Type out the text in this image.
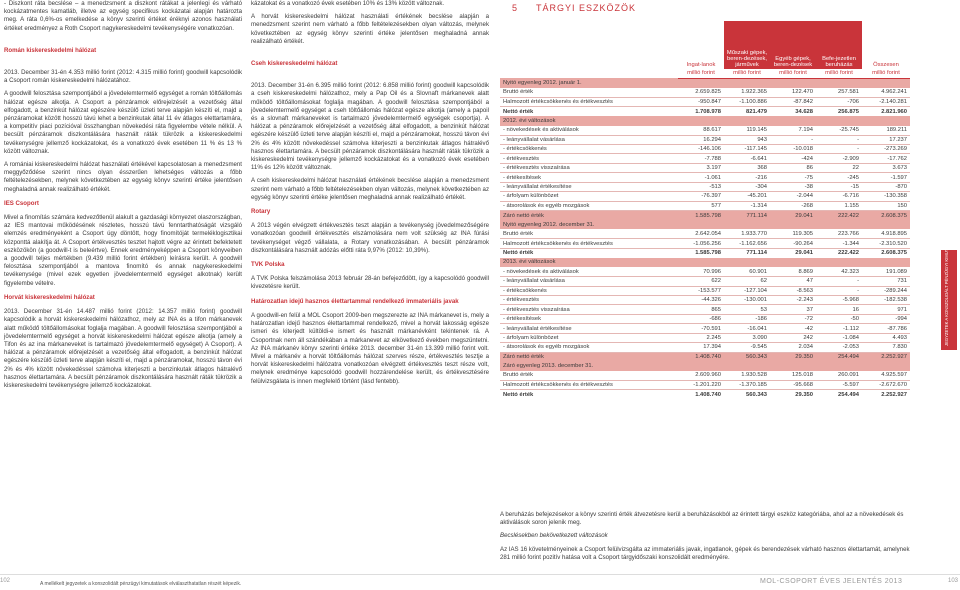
- Diszkont ráta becslése – a menedzsment a diszkont rátákat a jelenlegi és várható kockázatmentes kamatláb, illetve az egység specifikus kockázatai alapján határozta meg. A ráta 0,6%-os emelkedése a könyv szerinti értéket éréknyi azonos használati értéket eredményez a Roth Csoport nagykereskedelmi tevékenységére vonatkozóan.

Román kiskereskedelmi hálózat

2013. December 31-én 4.353 millió forint (2012: 4.315 millió forint) goodwill kapcsolódik a Csoport román kiskereskedelmi hálózatához.

A goodwill felosztása szempontjából a jövedelemtermelő egységet a román töltőállomás hálózat egésze alkotja. A Csoport a pénzáramok előrejelzését a vezetőség által elfogadott, a benzinkút hálózat egészére készülő üzleti terve alapján készíti el, majd a pénzáramokat között hosszú távú lehet a benzinkutak által 11 év átlagos elettartamára, a kompetitív piaci pozícióval összhangban növekedési ráta figyelembe vétele nélkül. A becsült pénzáramok diszkontálására használt ráták tükrözik a kiskereskedelmi tevékenységre jellemző kockázatokat, és a vonatkozó évek esetében 11 % és 13 % között változnak.

A romániai kiskereskedelmi hálózat használati értékével kapcsolatosan a menedzsment meggyőződése szerint nincs olyan ésszerűen lehetséges változás a főbb feltételezésekben, melynek következtében az egység könyv szerinti értéke jelentősen meghaladná annak realizálható értékét.

IES Csoport

Mivel a finomítás számára kedvezőtlenül alakult a gazdasági környezet olaszországban, az IES mantovai működésének részletes, hosszú távú fenntarthatóságát vizsgáló elemzés eredményeként a Csoport úgy döntött, hogy finomítóját termeléklogisztikai központtá alakítja át. A Csoport értékvesztés tesztet hajtott végre az érintett befektetett eszközökön (a goodwill-t is beleértve). Ennek eredményeképpen a Csoport könyveiben a goodwill teljes mértékben (9.439 millió forint értékben) leírásra került. A goodwill felosztása szempontjából a mantova finomító és annak nagykereskedelmi tevékenysége (mivel ezek egyetlen jövedelemtermelő egységet alkotnak) került figyelembe vételre.

Horvát kiskereskedelmi hálózat

2013. December 31-én 14.487 millió forint (2012: 14.357 millió forint) goodwill kapcsolódik a horvát kiskereskedelmi hálózathoz, mely az INA és a tifon márkanevek alatt működő töltőállomásokat foglalja magában. A goodwill felosztása szempontjából a jövedelemtermelő egységet a horvát kiskereskedelmi hálózat egésze alkotja (amely a Tifon és az ina márkaneveket is tartalmazó jövedelemtermelő egységet) A Csoport). A hálózat a pénzáramok előrejelzését a vezetőség által elfogadott, a benzinkút hálózat egészére készülő üzleti terve alapján készíti el, majd a pénzáramokat, hosszú távon évi 2% és 4% között növekedéssel számolva kiterjeszti a benzinkutak átlagos hátralévő hasznos élettartamára. A becsült pénzáramok diszkontálására használt ráták tükrözik a kiskereskedelmi tevékenységre jellemző kockázatokat.

kázatokat és a vonatkozó évek esetében 10% és 13% között változnak.

A horvát kiskereskedelmi hálózat használati értékének becslése alapján a menedzsment szerint nem várható a főbb feltételezésekben olyan változás, melynek következtében az egység könyv szerinti értéke jelentősen meghaladná annak realizálható értékét.

Cseh kiskereskedelmi hálózat

2013. December 31-én 6.395 millió forint (2012: 6.858 millió forint) goodwill kapcsolódik a cseh kiskereskedelmi hálózathoz, mely a Pap Oil és a Slovnaft márkanevek alatt működő töltőállomásokat foglalja magában. A goodwill felosztása szempontjából a jövedelemtermelő egységet a cseh töltőállomás hálózat egésze alkotja (amely a papoil és a slovnaft márkaneveket is tartalmazó jövedelemtermelő egységek csoportja). A hálózat a pénzáramok előrejelzését a vezetőség által elfogadott, a benzinkút hálózat egészére készülő üzleti terve alapján készíti el, majd a pénzáramokat, hosszú távon évi 2% és 4% között növekedéssel számolva kiterjeszti a benzinkutak átlagos hátralévő hasznos élettartamára. A becsült pénzáramok diszkontálására használt ráták tükrözik a kiskereskedelmi tevékenységre jellemző kockázatokat és a vonatkozó évek esetében 11% és 12% között változnak.

A cseh kiskereskedelmi hálózat használati értékének becslése alapján a menedzsment szerint nem várható a főbb feltételezésekben olyan változás, melynek következtében az egység könyv szerinti értéke jelentősen meghaladná annak realizálható értékét.

Rotary

A 2013 végén elvégzett értékvesztés teszt alapján a tevékenység jövedelmezőségére vonatkozóan goodwill értékvesztés elszámolására nem volt szükség az INA fúrási tevékenységet végző vállalata, a Rotary vonatkozásában. A becsült pénzáramok diszkontálására használt adózás előtti ráta 9,97% (2012: 10,39%).

TVK Polska

A TVK Polska felszámolása 2013 február 28-án befejeződött, így a kapcsolódó goodwill kivezetésre került.

Határozatlan idejű hasznos élettartammal rendelkező immateriális javak

A goodwill-en felül a MOL Csoport 2009-ben megszerezte az INA márkanevet is, mely a határozatlan idejű hasznos élettartammal rendelkező, mivel a horvát lakosság egésze ismeri és kiterjedt kültöldi-e ismert és használt márkanévként tekintenek rá. A Csoportnak nem áll szándékában a márkanevet az elkövetkező években megszüntetni. Az INA márkanév könyv szerinti értéke 2013. december 31-én 13.399 millió forint volt. Mivel a márkanév a horvát töltőállomás hálózat szerves része, értékvesztés tesztje a horvát kiskereskedelmi hálózatra vonatkozóan elvégzett értékvesztés teszt része volt, melynek eredménye kapcsolódó goodwill hozzárendelése került, és értékvesztésére felülvizsgálata is innen megfelelő történt (lásd fentebb).

5 TÁRGYI ESZKÖZÖK
	Ingat-lanok	Műszaki gépek, beren-dezések, járművek	Egyéb gépek, beren-dezések	Befe-jezetlen beruházás	Összesen
	millió forint	millió forint	millió forint	millió forint	millió forint
Nyitó egyenleg 2012. január 1.					
Bruttó érték	2.659.825	1.922.365	122.470	257.581	4.962.241
Halmozott értékcsökkenés és értékvesztés	-950.847	-1.100.886	-87.842	-706	-2.140.281
Nettó érték	1.708.978	821.479	34.628	256.875	2.821.960
2012. évi változások					
- növekedések és aktiválások	88.617	119.145	7.194	-25.745	189.211
- leányvállalat vásárlása	16.294	943	-	-	17.237
- értékcsökkenés	-146.106	-117.145	-10.018	-	-273.269
- értékvesztés	-7.788	-6.641	-424	-2.909	-17.762
- értékvesztés visszaírása	3.197	368	86	22	3.673
- értékesítések	-1.061	-216	-75	-245	-1.597
- leányvállalat értékesítése	-513	-304	-38	-15	-870
- árfolyam különbözet	-76.397	-45.201	-2.044	-6.716	-130.358
- átsorolások és egyéb mozgások	577	-1.314	-268	1.155	150
Záró nettó érték	1.585.798	771.114	29.041	222.422	2.608.375
Nyitó egyenleg 2012. december 31.					
Bruttó érték	2.642.054	1.933.770	119.305	223.766	4.918.895
Halmozott értékcsökkenés és értékvesztés	-1.056.256	-1.162.656	-90.264	-1.344	-2.310.520
Nettó érték	1.585.798	771.114	29.041	222.422	2.608.375
2013. évi változások					
- növekedések és aktiválások	70.996	60.901	8.869	42.323	191.089
- leányvállalat vásárlása	622	62	47	-	731
- értékcsökkenés	-153.577	-127.104	-8.563	-	-289.244
- értékvesztés	-44.326	-130.001	-2.243	-5.968	-182.538
- értékvesztés visszaírása	865	53	37	16	971
- értékesítések	-686	-186	-72	-50	-994
- leányvállalat értékesítése	-70.591	-16.041	-42	-1.112	-87.786
- árfolyam különbözet	2.245	3.090	242	-1.084	4.493
- átsorolások és egyéb mozgások	17.394	-9.545	2.034	-2.053	7.830
Záró nettó érték	1.408.740	560.343	29.350	254.494	2.252.927
Záró egyenleg 2013. december 31.					
Bruttó érték	2.609.960	1.930.528	125.018	260.091	4.925.597
Halmozott értékcsökkenés és értékvesztés	-1.201.220	-1.370.185	-95.668	-5.597	-2.672.670
Nettó érték	1.408.740	560.343	29.350	254.494	2.252.927

A beruházás befejezésekor a könyv szerinti érték átvezetésre kerül a beruházásokból az érintett tárgyi eszköz kategóriába, ahol az a növekedések és aktiválások soron jelenik meg.

Becslésekben bekövetkezett változások

Az IAS 16 követelményeinek a Csoport felülvizsgálta az immateriális javak, ingatlanok, gépek és berendezések várható hasznos élettartamát, amelynek 281 millió forint pozitív hatása volt a Csoport tárgyidőszaki konszolidált eredményére.

102	A mellékelt jegyzetek a konszolidált pénzügyi kimutatások elválaszthatatlan részét képezik.	MOL-CSOPORT ÉVES JELENTÉS 2013	103
JEGYZETEK A KONSZOLIDÁLT PÉNZÜGYI KIMUTATÁSOKHOZ
